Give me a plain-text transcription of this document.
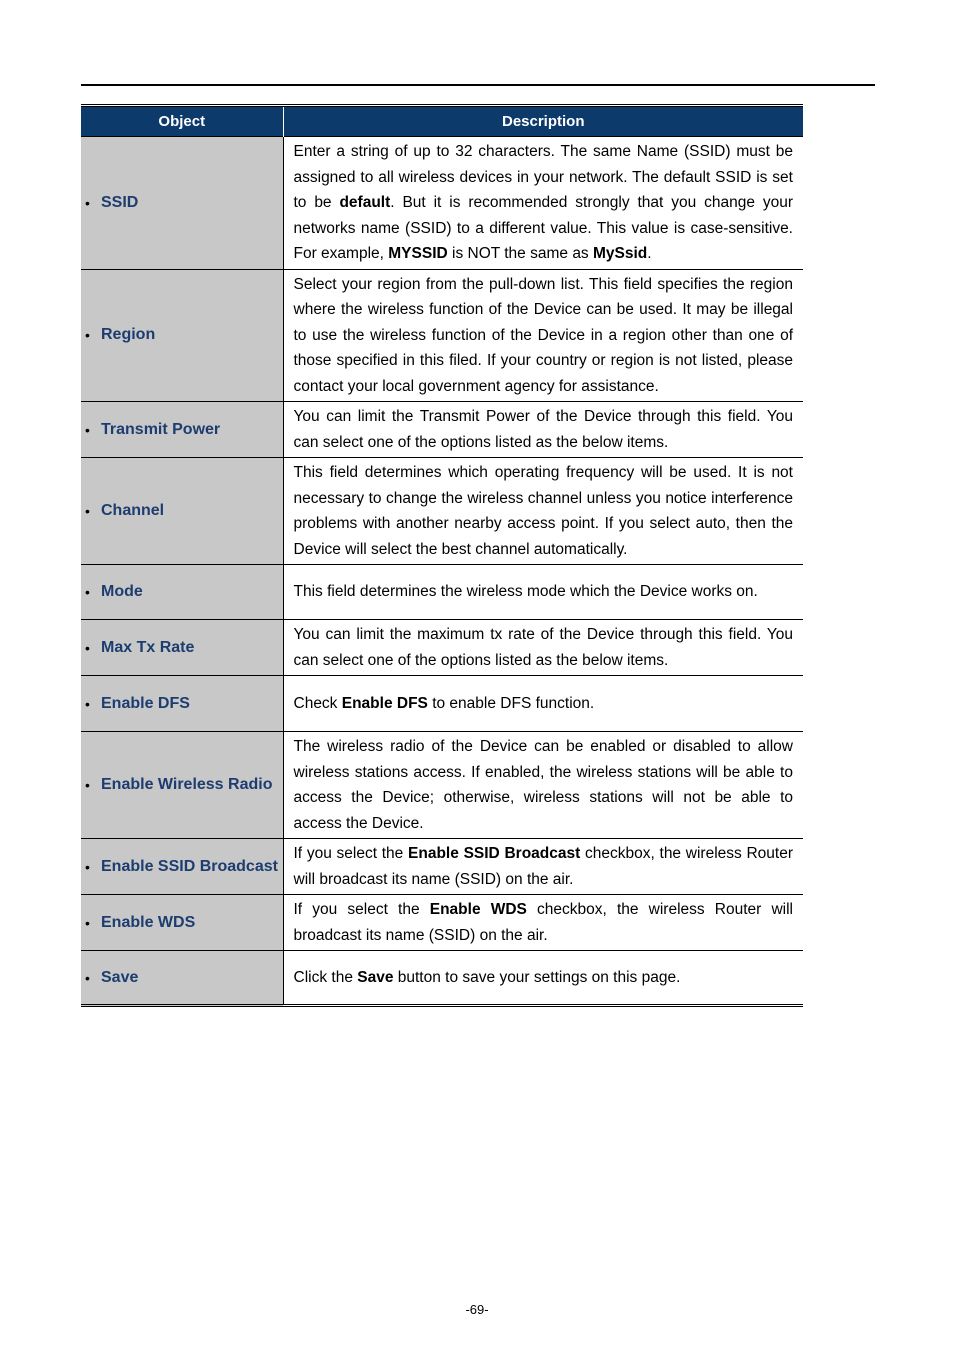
Object	Description

• SSID	Enter a string of up to 32 characters. The same Name (SSID) must be assigned to all wireless devices in your network. The default SSID is set to be default. But it is recommended strongly that you change your networks name (SSID) to a different value. This value is case-sensitive. For example, MYSSID is NOT the same as MySsid.

• Region	Select your region from the pull-down list. This field specifies the region where the wireless function of the Device can be used. It may be illegal to use the wireless function of the Device in a region other than one of those specified in this filed. If your country or region is not listed, please contact your local government agency for assistance.

• Transmit Power	You can limit the Transmit Power of the Device through this field. You can select one of the options listed as the below items.

• Channel	This field determines which operating frequency will be used. It is not necessary to change the wireless channel unless you notice interference problems with another nearby access point. If you select auto, then the Device will select the best channel automatically.

• Mode	This field determines the wireless mode which the Device works on.

• Max Tx Rate	You can limit the maximum tx rate of the Device through this field. You can select one of the options listed as the below items.

• Enable DFS	Check Enable DFS to enable DFS function.

• Enable Wireless Radio	The wireless radio of the Device can be enabled or disabled to allow wireless stations access. If enabled, the wireless stations will be able to access the Device; otherwise, wireless stations will not be able to access the Device.

• Enable SSID Broadcast	If you select the Enable SSID Broadcast checkbox, the wireless Router will broadcast its name (SSID) on the air.

• Enable WDS	If you select the Enable WDS checkbox, the wireless Router will broadcast its name (SSID) on the air.

• Save	Click the Save button to save your settings on this page.
-69-
